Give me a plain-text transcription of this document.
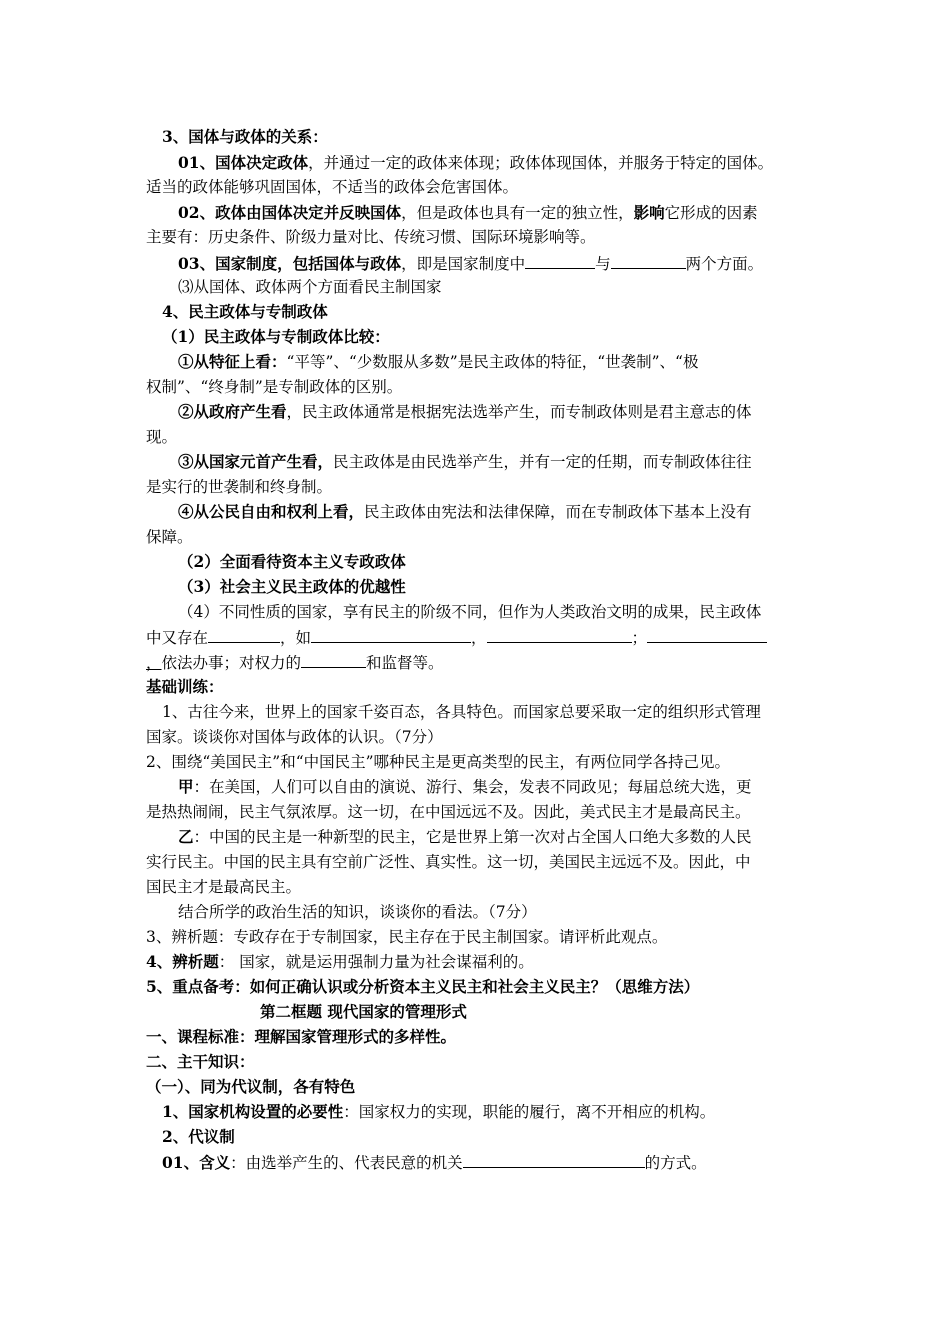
3、国体与政体的关系：
01、国体决定政体，并通过一定的政体来体现；政体体现国体，并服务于特定的国体。
适当的政体能够巩固国体，不适当的政体会危害国体。
02、政体由国体决定并反映国体，但是政体也具有一定的独立性，影响它形成的因素
主要有：历史条件、阶级力量对比、传统习惯、国际环境影响等。
03、国家制度，包括国体与政体，即是国家制度中	与	两个方面。
⑶从国体、政体两个方面看民主制国家
4、民主政体与专制政体
（1）民主政体与专制政体比较：
①从特征上看：“平等”、“少数服从多数”是民主政体的特征，“世袭制”、“极
权制”、“终身制”是专制政体的区别。
②从政府产生看，民主政体通常是根据宪法选举产生，而专制政体则是君主意志的体
现。
③从国家元首产生看，民主政体是由民选举产生，并有一定的任期，而专制政体往往
是实行的世袭制和终身制。
④从公民自由和权利上看，民主政体由宪法和法律保障，而在专制政体下基本上没有
保障。
（2）全面看待资本主义专政政体
（3）社会主义民主政体的优越性
（4）不同性质的国家，享有民主的阶级不同，但作为人类政治文明的成果，民主政体
中又存在	，如	，	；
，依法办事；对权力的	和监督等。
基础训练：
1、古往今来，世界上的国家千姿百态，各具特色。而国家总要采取一定的组织形式管理
国家。谈谈你对国体与政体的认识。（7分）
2、围绕“美国民主”和“中国民主”哪种民主是更高类型的民主，有两位同学各持己见。
甲：在美国，人们可以自由的演说、游行、集会，发表不同政见；每届总统大选，更
是热热闹闹，民主气氛浓厚。这一切，在中国远远不及。因此，美式民主才是最高民主。
乙：中国的民主是一种新型的民主，它是世界上第一次对占全国人口绝大多数的人民
实行民主。中国的民主具有空前广泛性、真实性。这一切，美国民主远远不及。因此，中
国民主才是最高民主。
结合所学的政治生活的知识，谈谈你的看法。（7分）
3、辨析题：专政存在于专制国家，民主存在于民主制国家。请评析此观点。
4、辨析题： 国家，就是运用强制力量为社会谋福利的。
5、重点备考：如何正确认识或分析资本主义民主和社会主义民主？（思维方法）
第二框题 现代国家的管理形式
一、课程标准：理解国家管理形式的多样性。
二、主干知识：
（一）、同为代议制，各有特色
1、国家机构设置的必要性：国家权力的实现，职能的履行，离不开相应的机构。
2、代议制
01、含义：由选举产生的、代表民意的机关	的方式。
